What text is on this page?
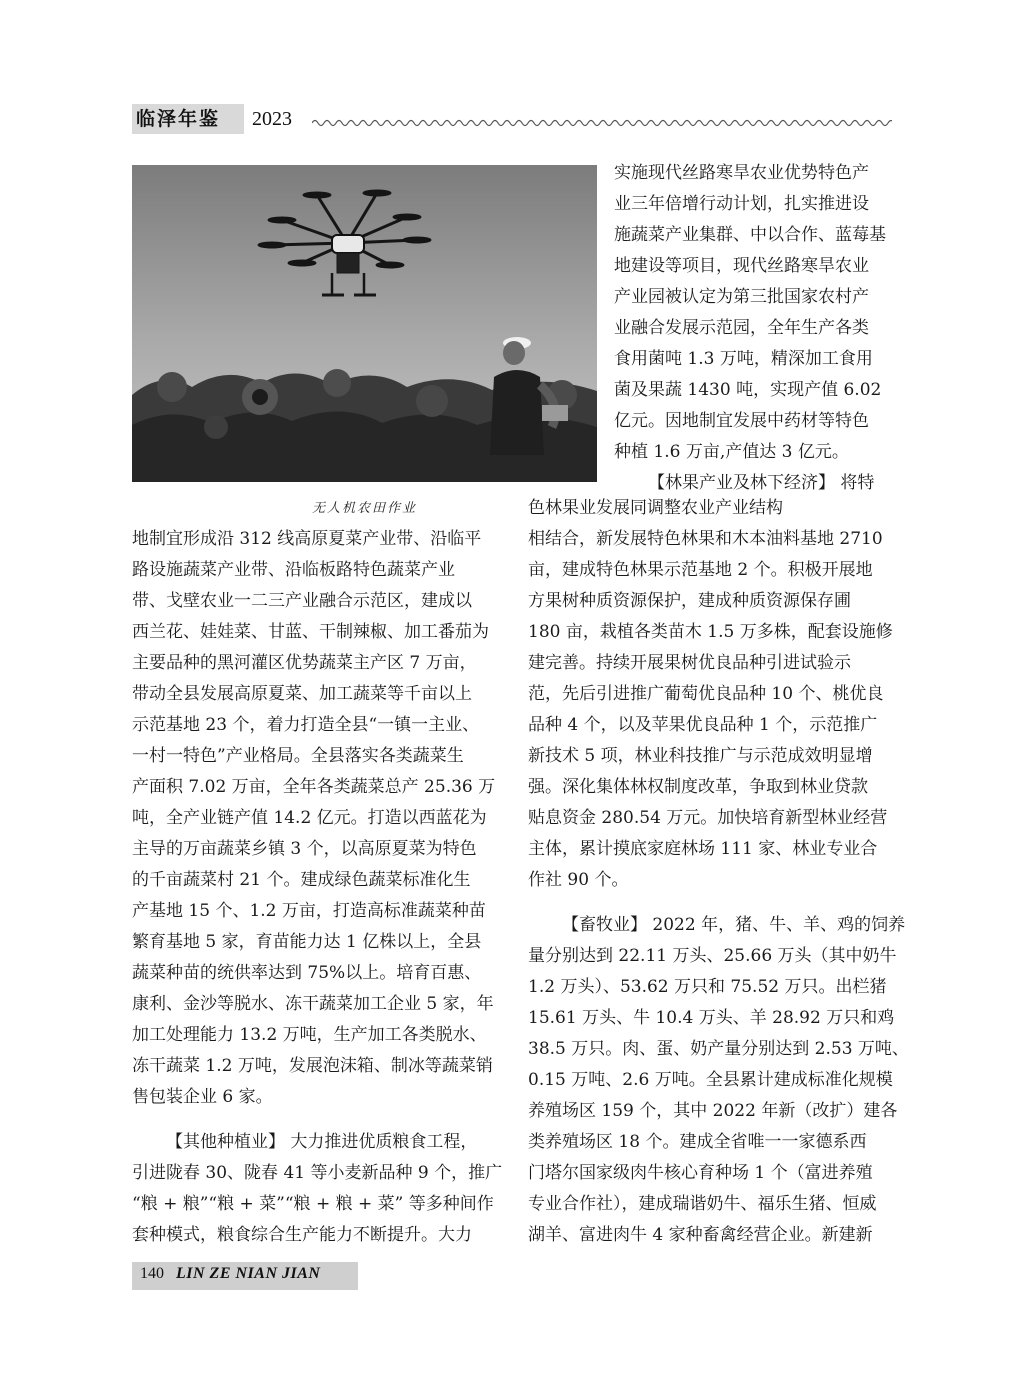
临泽年鉴	2023
无人机农田作业
实施现代丝路寒旱农业优势特色产
业三年倍增行动计划，扎实推进设
施蔬菜产业集群、中以合作、蓝莓基
地建设等项目，现代丝路寒旱农业
产业园被认定为第三批国家农村产
业融合发展示范园，全年生产各类
食用菌吨 1.3 万吨，精深加工食用
菌及果蔬 1430 吨，实现产值 6.02
亿元。因地制宜发展中药材等特色
种植 1.6 万亩,产值达 3 亿元。
【林果产业及林下经济】 将特
色林果业发展同调整农业产业结构
相结合，新发展特色林果和木本油料基地 2710
亩，建成特色林果示范基地 2 个。积极开展地
方果树种质资源保护，建成种质资源保存圃
180 亩，栽植各类苗木 1.5 万多株，配套设施修
建完善。持续开展果树优良品种引进试验示
范，先后引进推广葡萄优良品种 10 个、桃优良
品种 4 个，以及苹果优良品种 1 个，示范推广
新技术 5 项，林业科技推广与示范成效明显增
强。深化集体林权制度改革，争取到林业贷款
贴息资金 280.54 万元。加快培育新型林业经营
主体，累计摸底家庭林场 111 家、林业专业合
作社 90 个。
【畜牧业】 2022 年，猪、牛、羊、鸡的饲养
量分别达到 22.11 万头、25.66 万头（其中奶牛
1.2 万头）、53.62 万只和 75.52 万只。出栏猪
15.61 万头、牛 10.4 万头、羊 28.92 万只和鸡
38.5 万只。肉、蛋、奶产量分别达到 2.53 万吨、
0.15 万吨、2.6 万吨。全县累计建成标准化规模
养殖场区 159 个，其中 2022 年新（改扩）建各
类养殖场区 18 个。建成全省唯一一家德系西
门塔尔国家级肉牛核心育种场 1 个（富进养殖
专业合作社），建成瑞谐奶牛、福乐生猪、恒威
湖羊、富进肉牛 4 家种畜禽经营企业。新建新
地制宜形成沿 312 线高原夏菜产业带、沿临平
路设施蔬菜产业带、沿临板路特色蔬菜产业
带、戈壁农业一二三产业融合示范区，建成以
西兰花、娃娃菜、甘蓝、干制辣椒、加工番茄为
主要品种的黑河灌区优势蔬菜主产区 7 万亩，
带动全县发展高原夏菜、加工蔬菜等千亩以上
示范基地 23 个，着力打造全县“一镇一主业、
一村一特色”产业格局。全县落实各类蔬菜生
产面积 7.02 万亩，全年各类蔬菜总产 25.36 万
吨，全产业链产值 14.2 亿元。打造以西蓝花为
主导的万亩蔬菜乡镇 3 个，以高原夏菜为特色
的千亩蔬菜村 21 个。建成绿色蔬菜标准化生
产基地 15 个、1.2 万亩，打造高标准蔬菜种苗
繁育基地 5 家，育苗能力达 1 亿株以上，全县
蔬菜种苗的统供率达到 75%以上。培育百惠、
康利、金沙等脱水、冻干蔬菜加工企业 5 家，年
加工处理能力 13.2 万吨，生产加工各类脱水、
冻干蔬菜 1.2 万吨，发展泡沫箱、制冰等蔬菜销
售包装企业 6 家。
【其他种植业】 大力推进优质粮食工程，
引进陇春 30、陇春 41 等小麦新品种 9 个，推广
“粮 + 粮”“粮 + 菜”“粮 + 粮 + 菜” 等多种间作
套种模式，粮食综合生产能力不断提升。大力
140 LIN ZE NIAN JIAN
